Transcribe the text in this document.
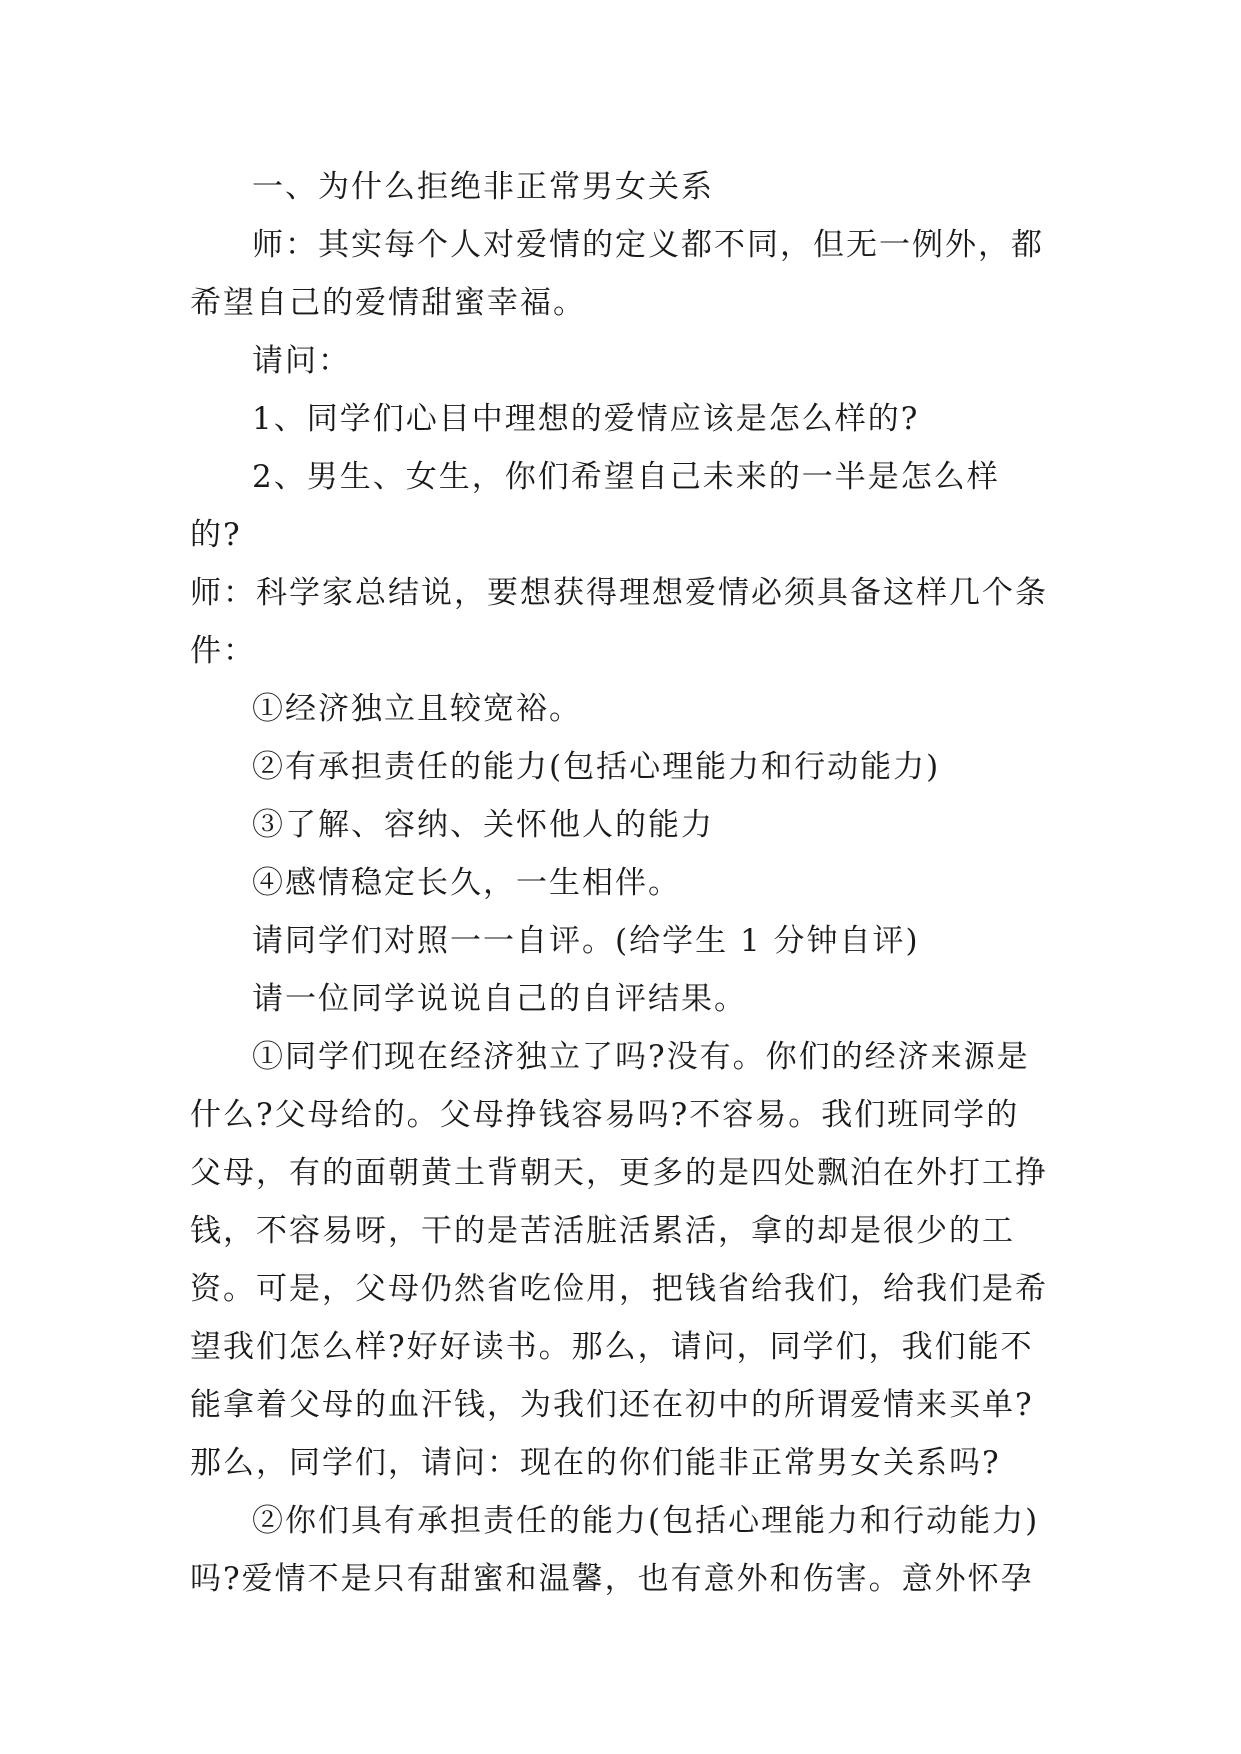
一、为什么拒绝非正常男女关系

师：其实每个人对爱情的定义都不同，但无一例外，都希望自己的爱情甜蜜幸福。

请问：

1、同学们心目中理想的爱情应该是怎么样的?

2、男生、女生，你们希望自己未来的一半是怎么样的?

师：科学家总结说，要想获得理想爱情必须具备这样几个条件：

①经济独立且较宽裕。

②有承担责任的能力(包括心理能力和行动能力)

③了解、容纳、关怀他人的能力

④感情稳定长久，一生相伴。

请同学们对照一一自评。(给学生 1 分钟自评)

请一位同学说说自己的自评结果。

①同学们现在经济独立了吗?没有。你们的经济来源是什么?父母给的。父母挣钱容易吗?不容易。我们班同学的父母，有的面朝黄土背朝天，更多的是四处飘泊在外打工挣钱，不容易呀，干的是苦活脏活累活，拿的却是很少的工资。可是，父母仍然省吃俭用，把钱省给我们，给我们是希望我们怎么样?好好读书。那么，请问，同学们，我们能不能拿着父母的血汗钱，为我们还在初中的所谓爱情来买单?那么，同学们，请问：现在的你们能非正常男女关系吗?

②你们具有承担责任的能力(包括心理能力和行动能力)吗?爱情不是只有甜蜜和温馨，也有意外和伤害。意外怀孕
